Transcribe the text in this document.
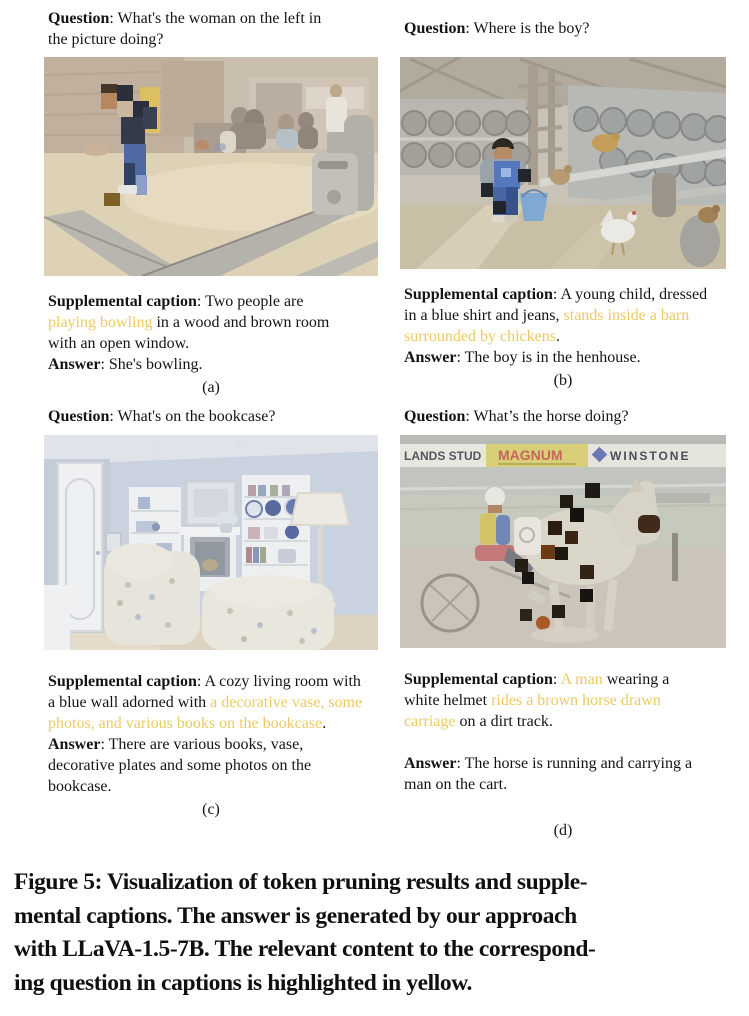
Question: What's the woman on the left in the picture doing?
Supplemental caption: Two people are playing bowling in a wood and brown room with an open window.
Answer: She's bowling.
(a)
Question: Where is the boy?
Supplemental caption: A young child, dressed in a blue shirt and jeans, stands inside a barn surrounded by chickens.
Answer: The boy is in the henhouse.
(b)
Question: What's on the bookcase?
Supplemental caption: A cozy living room with a blue wall adorned with a decorative vase, some photos, and various books on the bookcase.
Answer: There are various books, vase, decorative plates and some photos on the bookcase.
(c)
Question: What’s the horse doing?
LANDS STUD MAGNUM	WINSTONE
Supplemental caption: A man wearing a white helmet rides a brown horse drawn carriage on a dirt track.
Answer: The horse is running and carrying a man on the cart.
(d)
Figure 5: Visualization of token pruning results and supple-
mental captions. The answer is generated by our approach
with LLaVA-1.5-7B. The relevant content to the correspond-
ing question in captions is highlighted in yellow.
